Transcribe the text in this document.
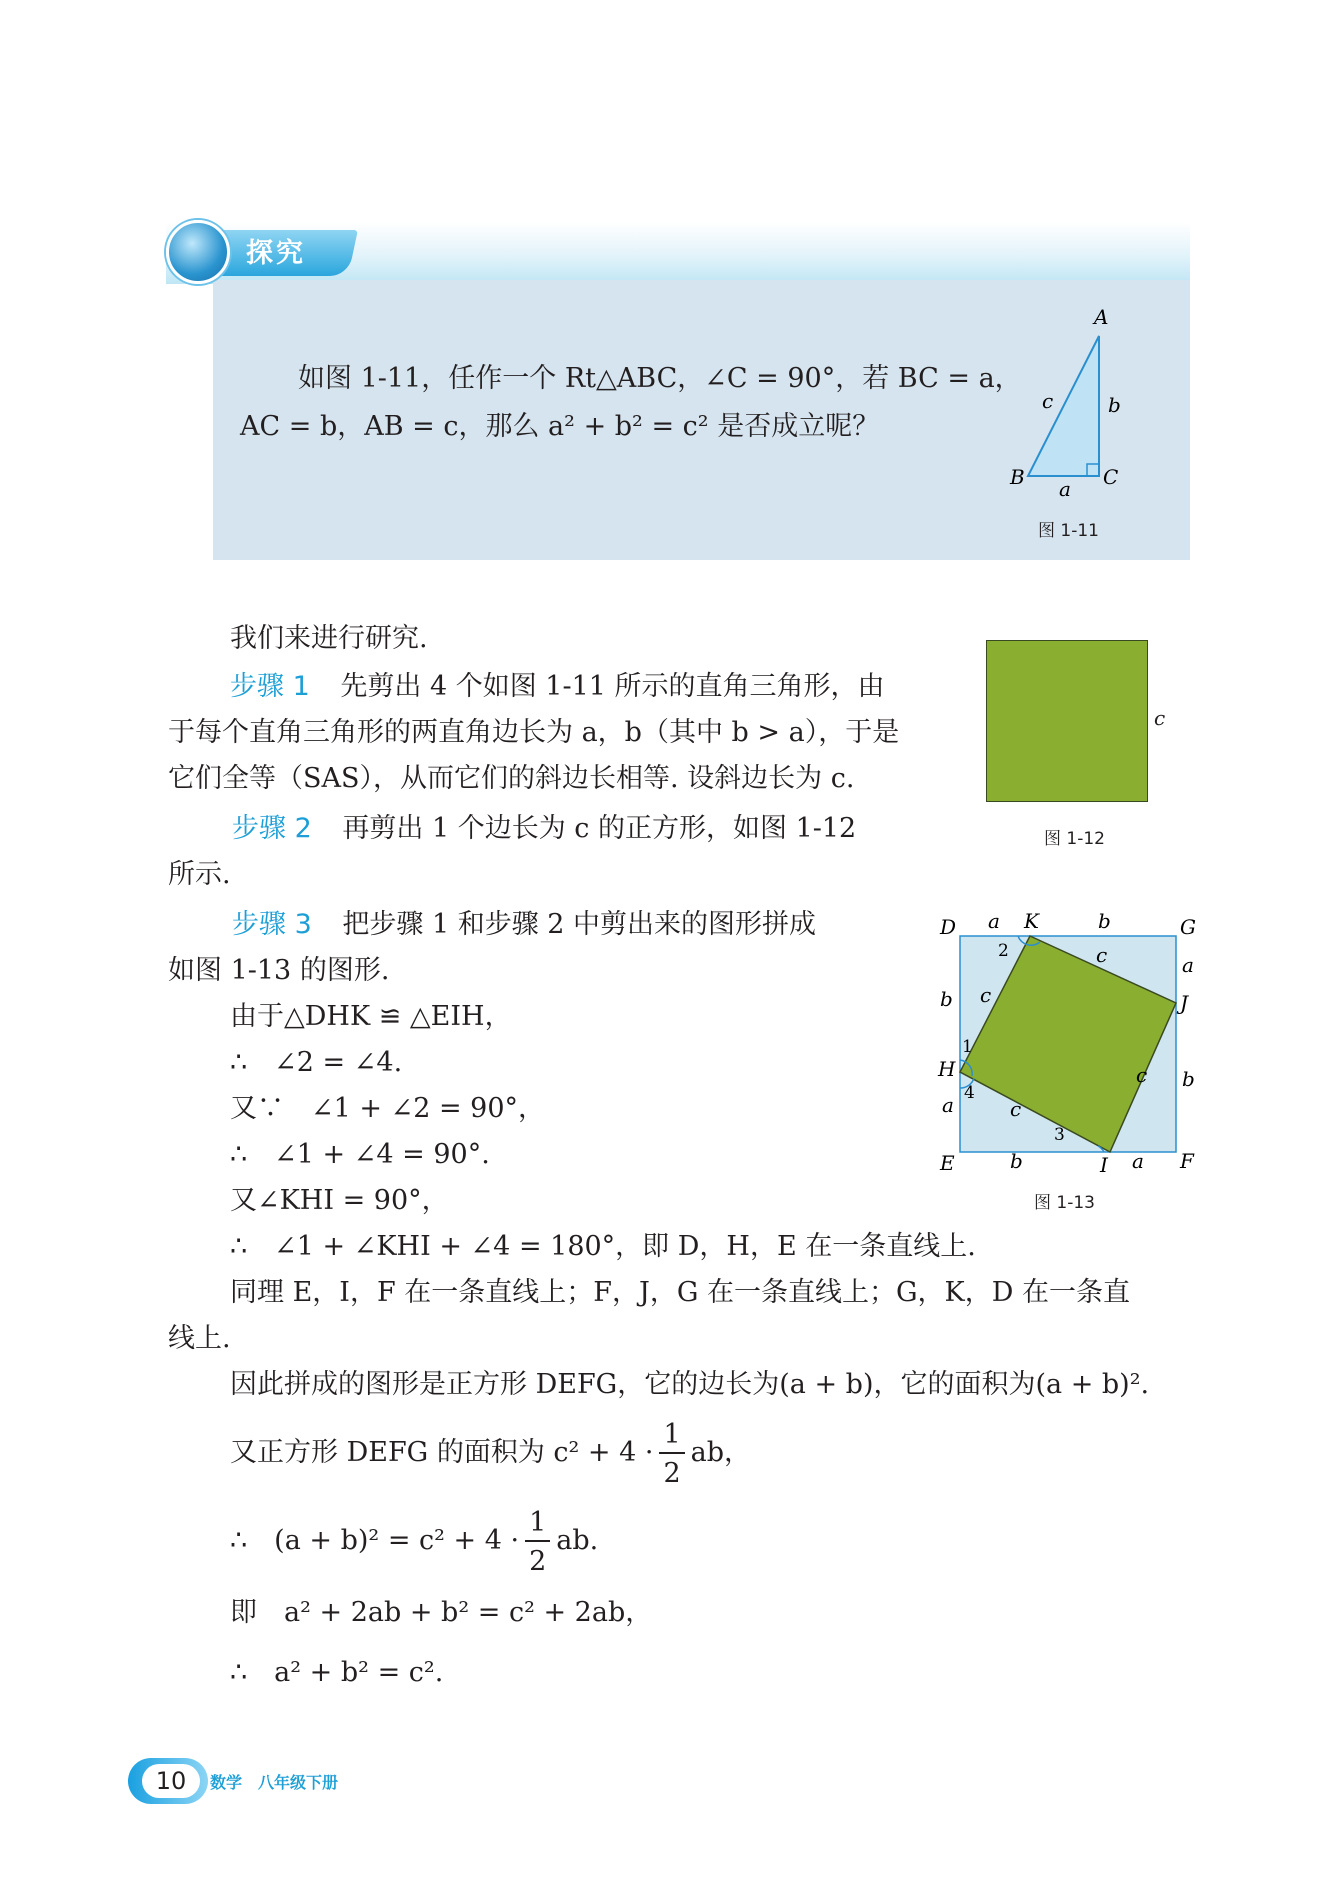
探究
如图 1-11，任作一个 Rt△ABC，∠C = 90°，若 BC = a，
AC = b，AB = c，那么 a² + b² = c² 是否成立呢？
A
B	C
a
b
c
图 1-11
我们来进行研究.
步骤 1 先剪出 4 个如图 1-11 所示的直角三角形，由
于每个直角三角形的两直角边长为 a，b（其中 b > a），于是
它们全等（SAS），从而它们的斜边长相等. 设斜边长为 c.
步骤 2 再剪出 1 个边长为 c 的正方形，如图 1-12
所示.
步骤 3 把步骤 1 和步骤 2 中剪出来的图形拼成
如图 1-13 的图形.
由于△DHK ≌ △EIH，
∴　∠2 = ∠4.
又∵　∠1 + ∠2 = 90°，
∴　∠1 + ∠4 = 90°.
又∠KHI = 90°，
∴　∠1 + ∠KHI + ∠4 = 180°，即 D，H，E 在一条直线上.
同理 E，I，F 在一条直线上；F，J，G 在一条直线上；G，K，D 在一条直
线上.
因此拼成的图形是正方形 DEFG，它的边长为(a + b)，它的面积为(a + b)².
又正方形 DEFG 的面积为 $c^2 + 4 \cdot \frac{1}{2}$ ab，
∴　$(a + b)^2 = c^2 + 4 \cdot \frac{1}{2}$ ab.
即　a² + 2ab + b² = c² + 2ab，
∴　a² + b² = c².
c
图 1-12
D	G
E	F
K
J
H
I
a	b
a
b
b
a
b	a
c
c
c
c
2
1
4
3
图 1-13
10	数学　八年级下册
